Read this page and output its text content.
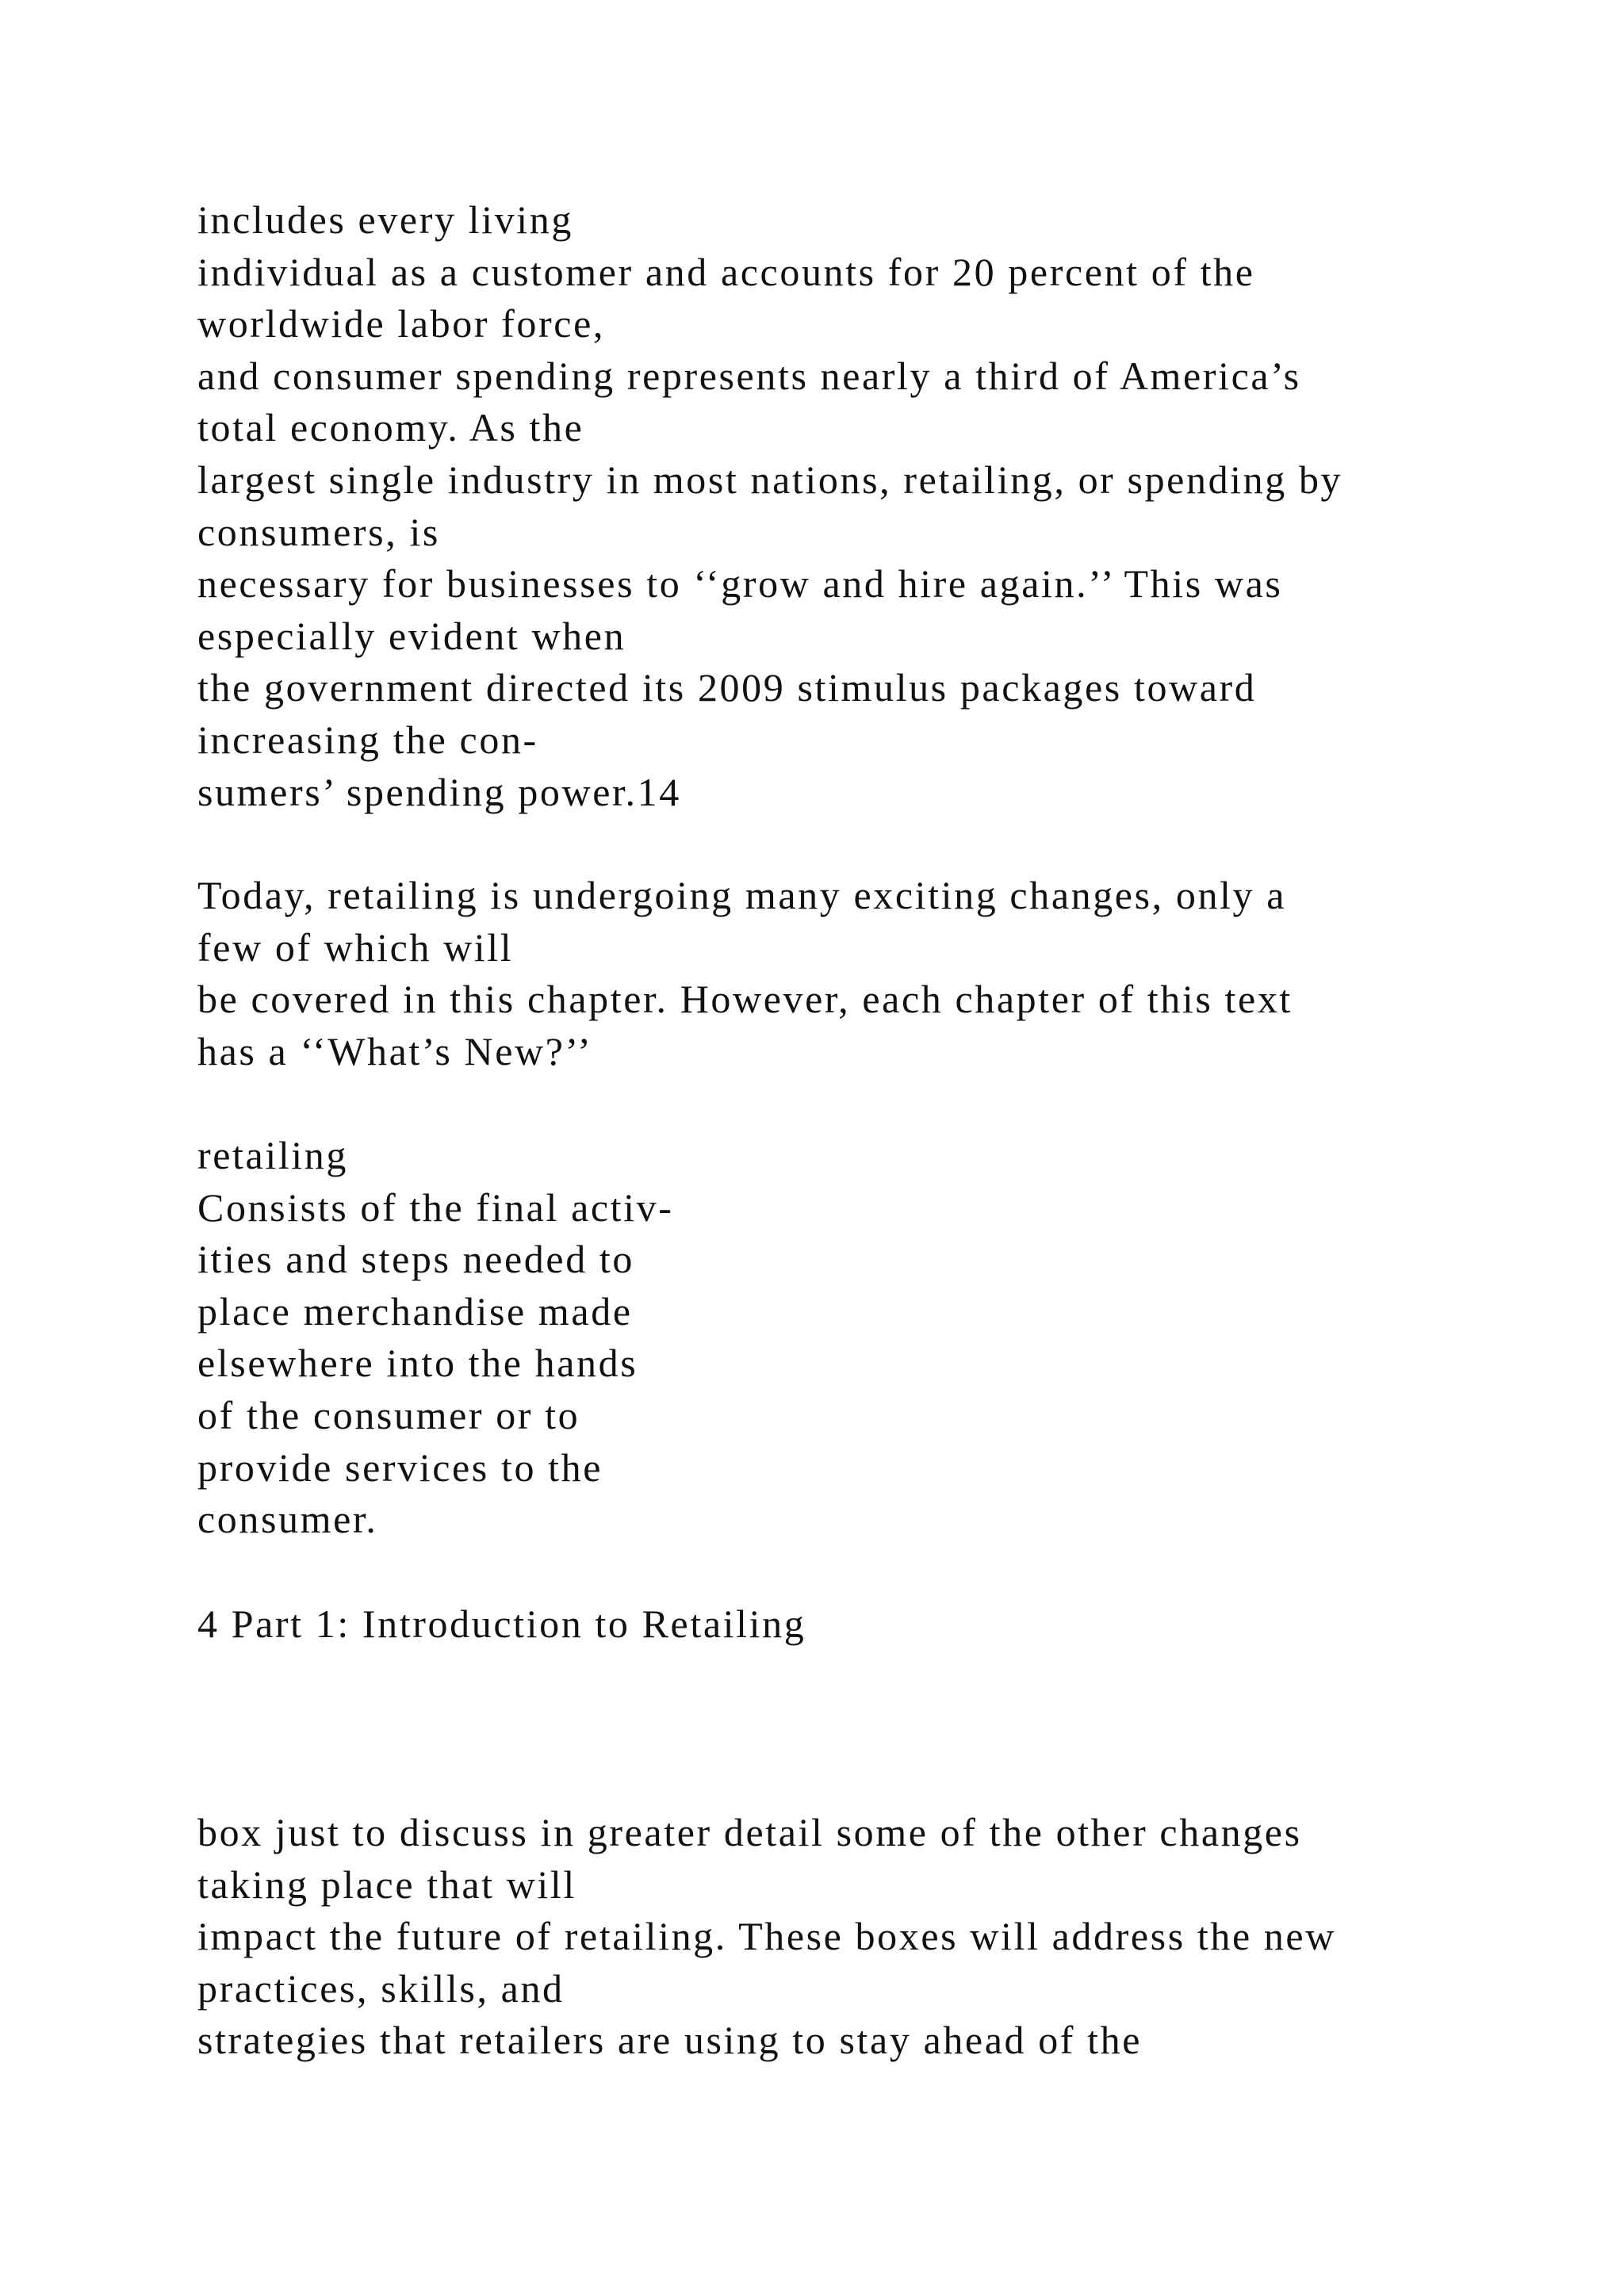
includes every living
individual as a customer and accounts for 20 percent of the
worldwide labor force,
and consumer spending represents nearly a third of America’s
total economy. As the
largest single industry in most nations, retailing, or spending by
consumers, is
necessary for businesses to ‘‘grow and hire again.’’ This was
especially evident when
the government directed its 2009 stimulus packages toward
increasing the con-
sumers’ spending power.14
Today, retailing is undergoing many exciting changes, only a
few of which will
be covered in this chapter. However, each chapter of this text
has a ‘‘What’s New?’’
retailing
Consists of the final activ-
ities and steps needed to
place merchandise made
elsewhere into the hands
of the consumer or to
provide services to the
consumer.
4 Part 1: Introduction to Retailing
box just to discuss in greater detail some of the other changes
taking place that will
impact the future of retailing. These boxes will address the new
practices, skills, and
strategies that retailers are using to stay ahead of the
